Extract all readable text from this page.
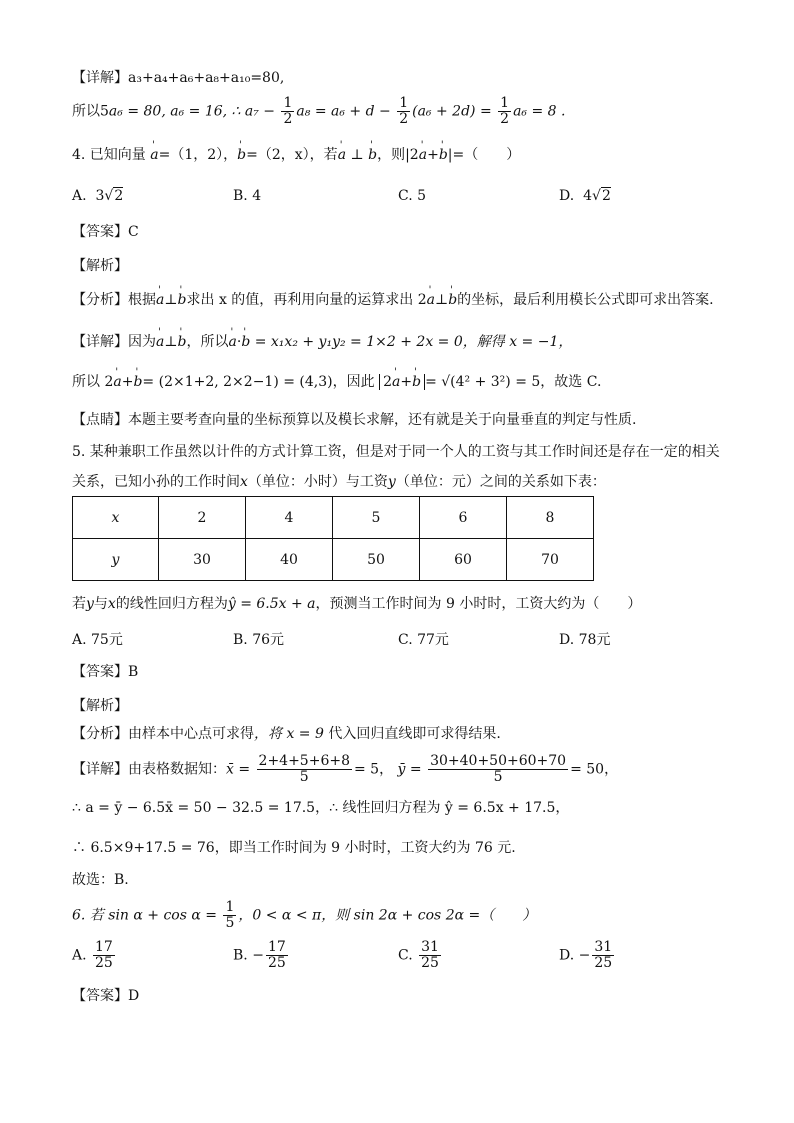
【详解】a₃+a₄+a₆+a₈+a₁₀=80,
所以5a₆ = 80, a₆ = 16, ∴ $a_7 - \frac{1}{2} a_8 = a_6 + d - \frac{1}{2} (a_6 + 2d) = \frac{1}{2} a_6 = 8$ .
4. 已知向量 ' a=（1，2），' b=（2，x），若' a ⊥ ' b，则|2' a+' b|=（　　）
A. 3√2	B. 4	C. 5	D. 4√2
【答案】C
【解析】
【分析】根据' a⊥' b求出 x 的值，再利用向量的运算求出 2' a⊥' b的坐标，最后利用模长公式即可求出答案.
【详解】因为' a⊥' b，所以' a·' b = x₁x₂ + y₁y₂ = 1×2 + 2x = 0，解得 x = −1，
所以 2' a+' b= (2×1+2, 2×2−1) = (4,3)，因此 2' a+' b = √(4² + 3²) = 5，故选 C.
【点睛】本题主要考查向量的坐标预算以及模长求解，还有就是关于向量垂直的判定与性质.
5. 某种兼职工作虽然以计件的方式计算工资，但是对于同一个人的工资与其工作时间还是存在一定的相关
关系，已知小孙的工作时间x（单位：小时）与工资y（单位：元）之间的关系如下表：
x	2	4	5	6	8
y	30	40	50	60	70
若y与x的线性回归方程为ŷ = 6.5x + a，预测当工作时间为 9 小时时，工资大约为（　　）
A. 75元	B. 76元	C. 77元	D. 78元
【答案】B
【解析】
【分析】由样本中心点可求得，将 x = 9 代入回归直线即可求得结果.
【详解】由表格数据知：x̄ = $\frac{2+4+5+6+8}{5} = 5$， ȳ = $\frac{30+40+50+60+70}{5} = 50$，
∴ a = ȳ − 6.5x̄ = 50 − 32.5 = 17.5，∴ 线性回归方程为 ŷ = 6.5x + 17.5，
∴ 6.5×9+17.5 = 76，即当工作时间为 9 小时时，工资大约为 76 元.
故选：B.
6. 若 $\sin \alpha + \cos \alpha = \frac{1}{5}$ ，0 < α < π，则 sin 2α + cos 2α =（　　）
A. $\frac{17}{25}$	B. − $\frac{17}{25}$	C. $\frac{31}{25}$	D. − $\frac{31}{25}$
【答案】D
